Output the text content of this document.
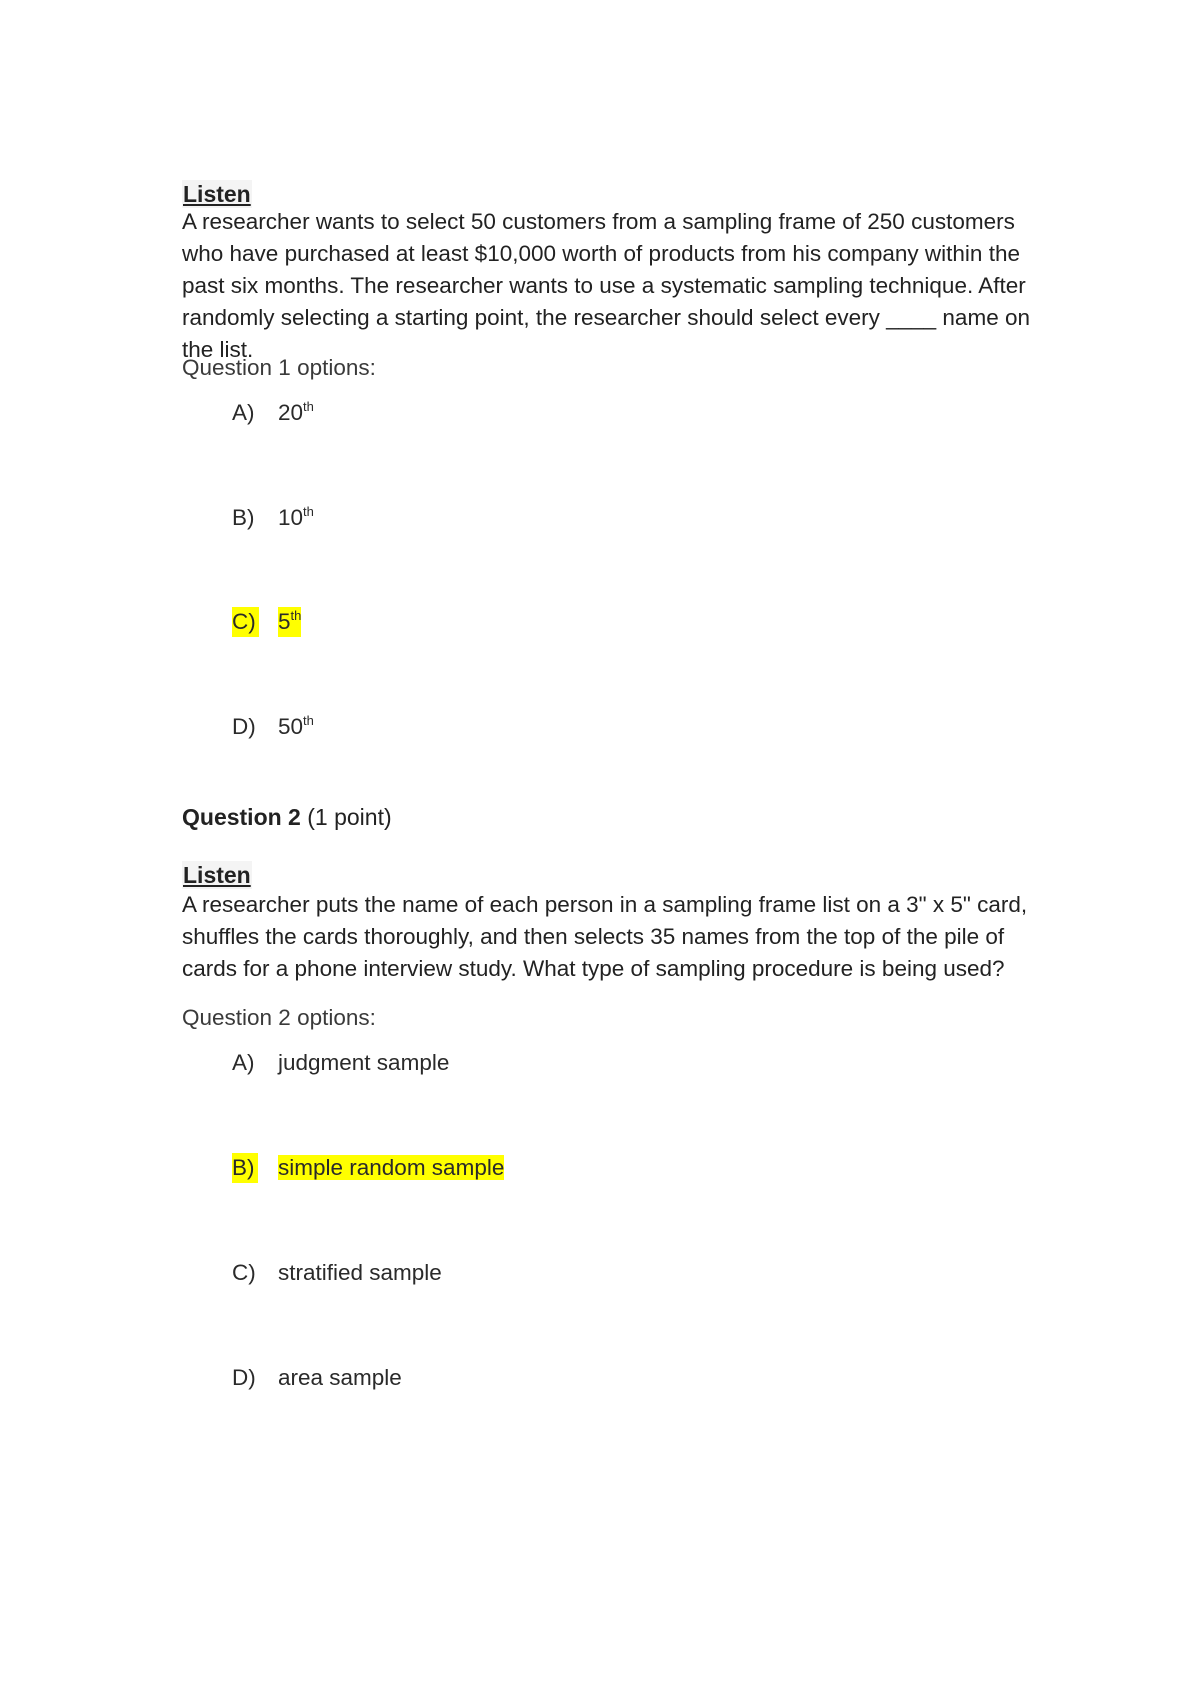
Listen
A researcher wants to select 50 customers from a sampling frame of 250 customers who have purchased at least $10,000 worth of products from his company within the past six months. The researcher wants to use a systematic sampling technique. After randomly selecting a starting point, the researcher should select every ____ name on the list.
Question 1 options:
A) 20th
B) 10th
C) 5th
D) 50th
Question 2 (1 point)
Listen
A researcher puts the name of each person in a sampling frame list on a 3" x 5" card, shuffles the cards thoroughly, and then selects 35 names from the top of the pile of cards for a phone interview study. What type of sampling procedure is being used?
Question 2 options:
A) judgment sample
B) simple random sample
C) stratified sample
D) area sample
